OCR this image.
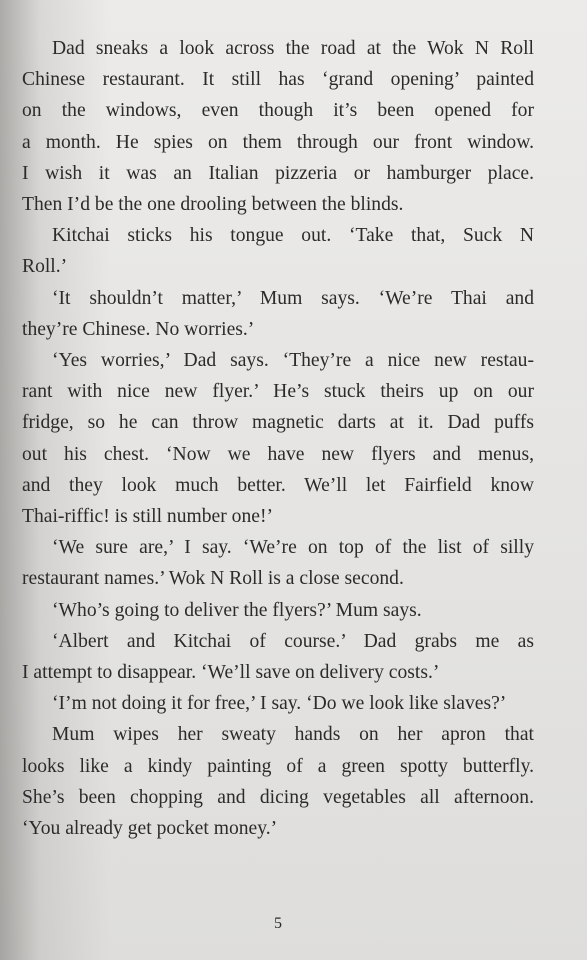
Dad sneaks a look across the road at the Wok N Roll
Chinese restaurant. It still has ‘grand opening’ painted
on the windows, even though it’s been opened for
a month. He spies on them through our front window.
I wish it was an Italian pizzeria or hamburger place.
Then I’d be the one drooling between the blinds.
Kitchai sticks his tongue out. ‘Take that, Suck N
Roll.’
‘It shouldn’t matter,’ Mum says. ‘We’re Thai and
they’re Chinese. No worries.’
‘Yes worries,’ Dad says. ‘They’re a nice new restau-
rant with nice new flyer.’ He’s stuck theirs up on our
fridge, so he can throw magnetic darts at it. Dad puffs
out his chest. ‘Now we have new flyers and menus,
and they look much better. We’ll let Fairfield know
Thai-riffic! is still number one!’
‘We sure are,’ I say. ‘We’re on top of the list of silly
restaurant names.’ Wok N Roll is a close second.
‘Who’s going to deliver the flyers?’ Mum says.
‘Albert and Kitchai of course.’ Dad grabs me as
I attempt to disappear. ‘We’ll save on delivery costs.’
‘I’m not doing it for free,’ I say. ‘Do we look like slaves?’
Mum wipes her sweaty hands on her apron that
looks like a kindy painting of a green spotty butterfly.
She’s been chopping and dicing vegetables all afternoon.
‘You already get pocket money.’
5
